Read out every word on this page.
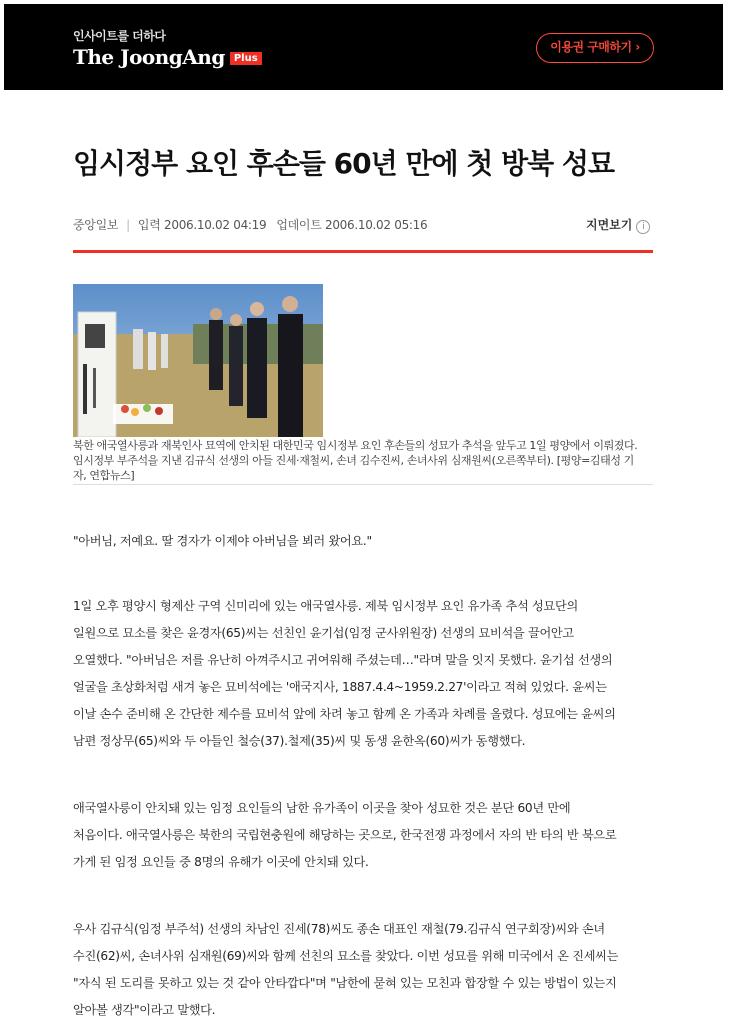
인사이트를 더하다
The JoongAng Plus
이용권 구매하기 ›
임시정부 요인 후손들 60년 만에 첫 방북 성묘
중앙일보 | 입력 2006.10.02 04:19 업데이트 2006.10.02 05:16	지면보기 i
북한 애국열사릉과 재북인사 묘역에 안치된 대한민국 임시정부 요인 후손들의 성묘가 추석을 앞두고 1일 평양에서 이뤄졌다.
임시정부 부주석을 지낸 김규식 선생의 아들 진세·재철씨, 손녀 김수진씨, 손녀사위 심재원씨(오른쪽부터). [평양=김태성 기
자, 연합뉴스]
"아버님, 저예요. 딸 경자가 이제야 아버님을 뵈러 왔어요."
1일 오후 평양시 형제산 구역 신미리에 있는 애국열사릉. 제북 임시정부 요인 유가족 추석 성묘단의
일원으로 묘소를 찾은 윤경자(65)씨는 선친인 윤기섭(임정 군사위원장) 선생의 묘비석을 끌어안고
오열했다. "아버님은 저를 유난히 아껴주시고 귀여워해 주셨는데…"라며 말을 잇지 못했다. 윤기섭 선생의
얼굴을 초상화처럼 새겨 놓은 묘비석에는 '애국지사, 1887.4.4~1959.2.27'이라고 적혀 있었다. 윤씨는
이날 손수 준비해 온 간단한 제수를 묘비석 앞에 차려 놓고 함께 온 가족과 차례를 올렸다. 성묘에는 윤씨의
남편 정상무(65)씨와 두 아들인 철승(37).철제(35)씨 및 동생 윤한옥(60)씨가 동행했다.
애국열사릉이 안치돼 있는 임정 요인들의 남한 유가족이 이곳을 찾아 성묘한 것은 분단 60년 만에
처음이다. 애국열사릉은 북한의 국립현충원에 해당하는 곳으로, 한국전쟁 과정에서 자의 반 타의 반 북으로
가게 된 임정 요인들 중 8명의 유해가 이곳에 안치돼 있다.
우사 김규식(임정 부주석) 선생의 차남인 진세(78)씨도 종손 대표인 재철(79.김규식 연구회장)씨와 손녀
수진(62)씨, 손녀사위 심재원(69)씨와 함께 선친의 묘소를 찾았다. 이번 성묘를 위해 미국에서 온 진세씨는
"자식 된 도리를 못하고 있는 것 같아 안타깝다"며 "남한에 묻혀 있는 모친과 합장할 수 있는 방법이 있는지
알아볼 생각"이라고 말했다.
